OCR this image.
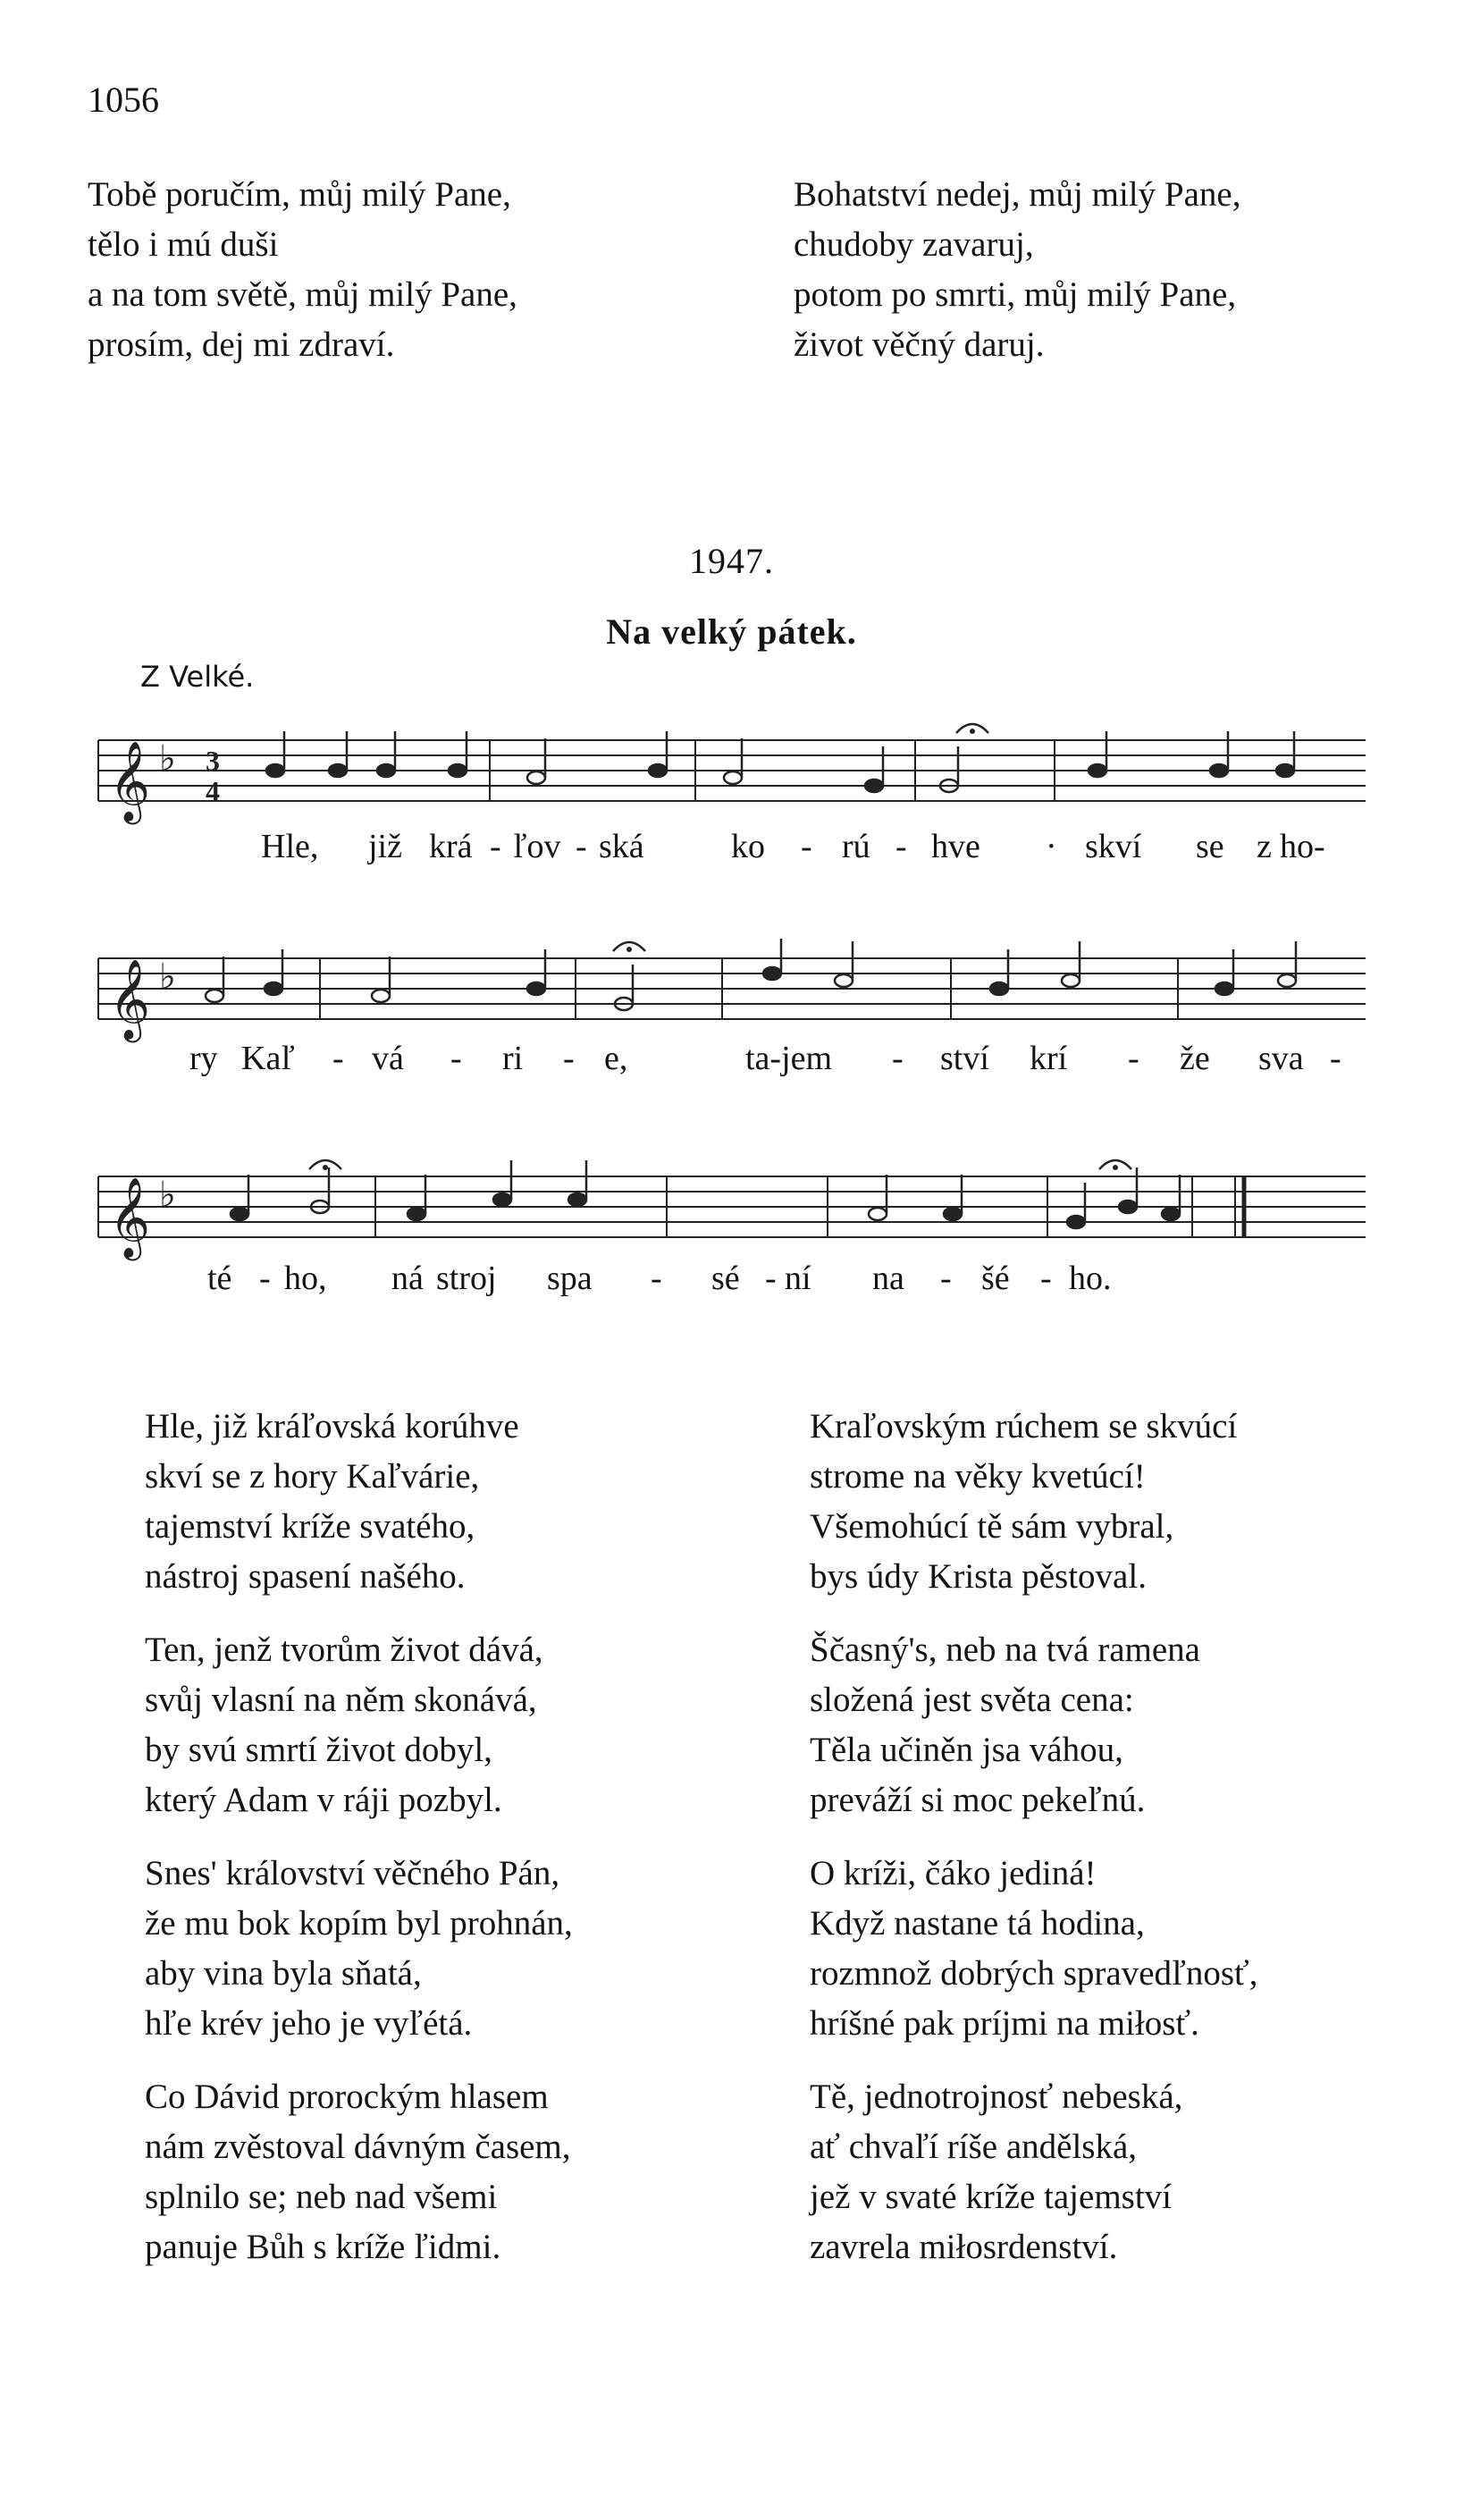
1056
Tobě poručím, můj milý Pane,
tělo i mú duši
a na tom světě, můj milý Pane,
prosím, dej mi zdraví.
Bohatství nedej, můj milý Pane,
chudoby zavaruj,
potom po smrti, můj milý Pane,
život věčný daruj.
1947.
Na velký pátek.
Z Velké.
𝄞 ♭ 3
4
Hle, již krá - ľov - ská	ko - rú - hve · skví se z ho-
𝄞 ♭
ry Kaľ - vá - ri - e,	ta-jem - ství krí - že sva -
𝄞 ♭
té - ho, ná stroj spa - sé - ní na - šé - ho.
Hle, již kráľovská korúhve
skví se z hory Kaľvárie,
tajemství kríže svatého,
nástroj spasení našého.
Ten, jenž tvorům život dává,
svůj vlasní na něm skonává,
by svú smrtí život dobyl,
který Adam v ráji pozbyl.
Snes' království věčného Pán,
že mu bok kopím byl prohnán,
aby vina byla sňatá,
hľe krév jeho je vyľétá.
Co Dávid prorockým hlasem
nám zvěstoval dávným časem,
splnilo se; neb nad všemi
panuje Bůh s kríže ľidmi.
Kraľovským rúchem se skvúcí
strome na věky kvetúcí!
Všemohúcí tě sám vybral,
bys údy Krista pěstoval.
Ščasný's, neb na tvá ramena
složená jest světa cena:
Těla učiněn jsa váhou,
preváží si moc pekeľnú.
O kríži, čáko jediná!
Když nastane tá hodina,
rozmnož dobrých spravedľnosť,
hríšné pak príjmi na miłosť.
Tě, jednotrojnosť nebeská,
ať chvaľí ríše andělská,
jež v svaté kríže tajemství
zavrela miłosrdenství.
